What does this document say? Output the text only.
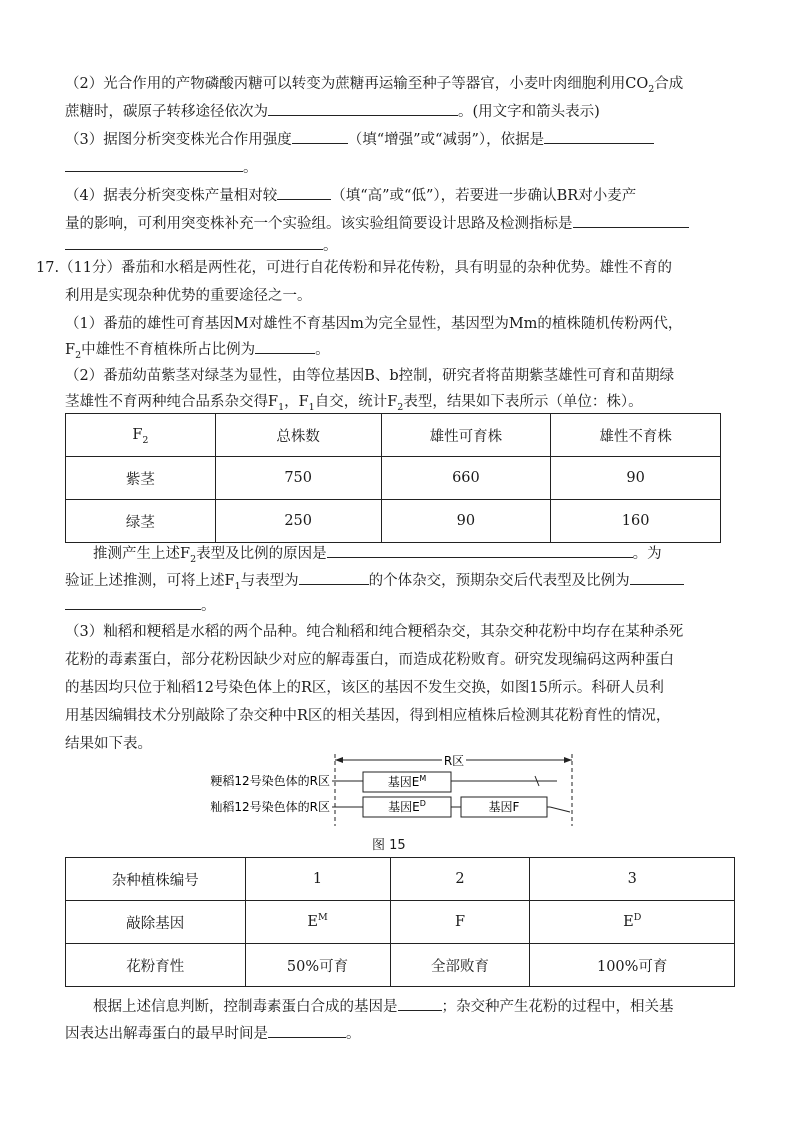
（2）光合作用的产物磷酸丙糖可以转变为蔗糖再运输至种子等器官，小麦叶肉细胞利用$CO_2$合成

蔗糖时，碳原子转移途径依次为	。(用文字和箭头表示)

（3）据图分析突变株光合作用强度	（填“增强”或“减弱”），依据是

。

（4）据表分析突变株产量相对较	（填“高”或“低”），若要进一步确认BR对小麦产

量的影响，可利用突变株补充一个实验组。该实验组简要设计思路及检测指标是

。

17.（11分）番茄和水稻是两性花，可进行自花传粉和异花传粉，具有明显的杂种优势。雄性不育的

利用是实现杂种优势的重要途径之一。

（1）番茄的雄性可育基因M对雄性不育基因m为完全显性，基因型为Mm的植株随机传粉两代，

$F_2$中雄性不育植株所占比例为	。

（2）番茄幼苗紫茎对绿茎为显性，由等位基因B、b控制，研究者将苗期紫茎雄性可育和苗期绿

茎雄性不育两种纯合品系杂交得$F_1$，$F_1$自交，统计$F_2$表型，结果如下表所示（单位：株）。

$F_2$	总株数	雄性可育株	雄性不育株
紫茎	750	660	90
绿茎	250	90	160

推测产生上述$F_2$表型及比例的原因是	。为

验证上述推测，可将上述$F_1$与表型为	的个体杂交，预期杂交后代表型及比例为

。

（3）籼稻和粳稻是水稻的两个品种。纯合籼稻和纯合粳稻杂交，其杂交种花粉中均存在某种杀死

花粉的毒素蛋白，部分花粉因缺少对应的解毒蛋白，而造成花粉败育。研究发现编码这两种蛋白

的基因均只位于籼稻12号染色体上的R区，该区的基因不发生交换，如图15所示。科研人员利

用基因编辑技术分别敲除了杂交种中R区的相关基因，得到相应植株后检测其花粉育性的情况，

结果如下表。

R区
粳稻12号染色体的R区	基因$E^M$
籼稻12号染色体的R区	基因$E^D$	基因F
图 15
杂种植株编号	1	2	3
敲除基因	$E^M$	F	$E^D$
花粉育性	50%可育	全部败育	100%可育

根据上述信息判断，控制毒素蛋白合成的基因是	；杂交种产生花粉的过程中，相关基

因表达出解毒蛋白的最早时间是	。
